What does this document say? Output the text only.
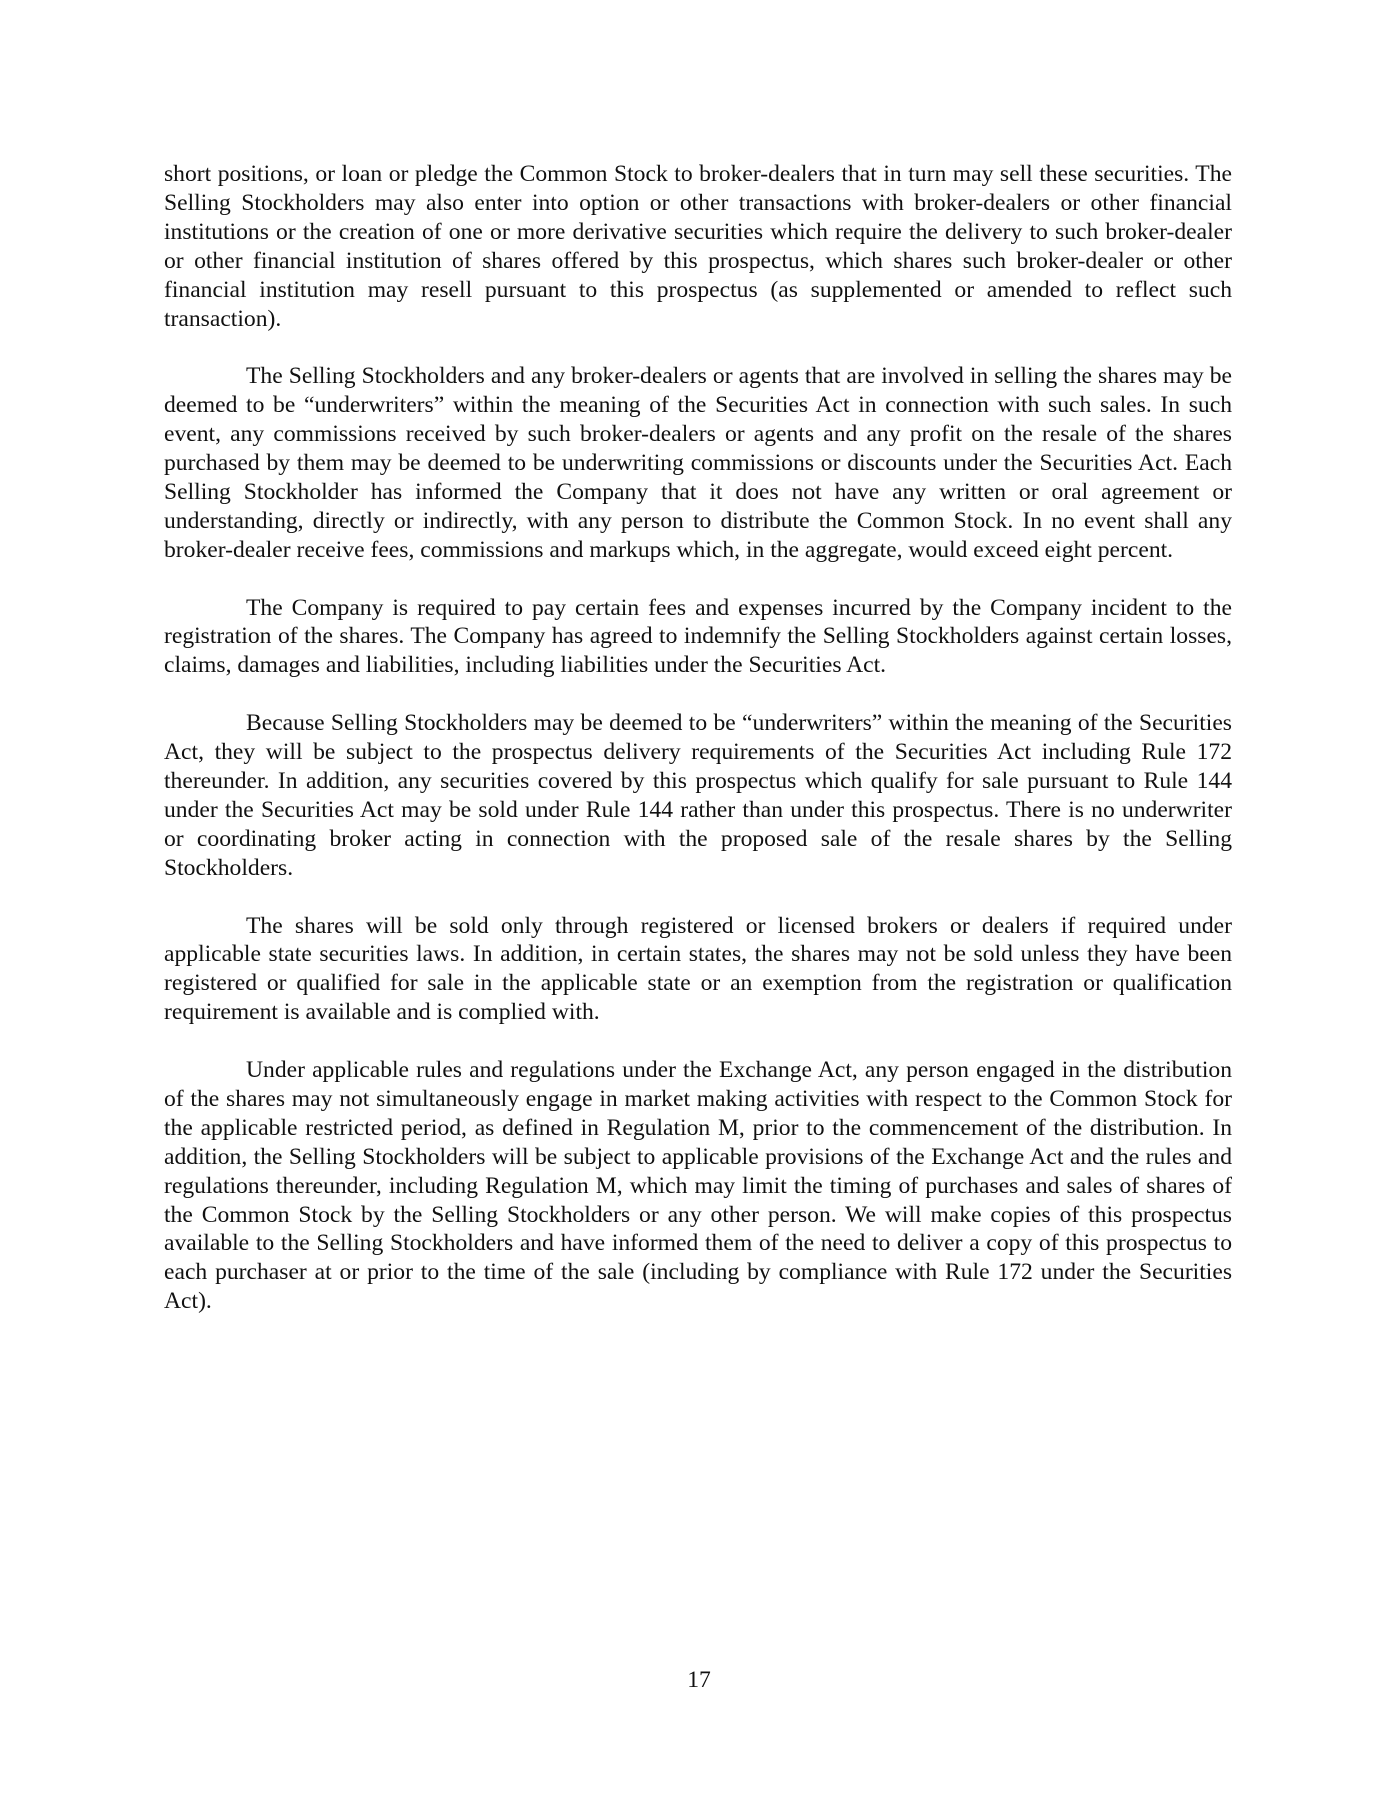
short positions, or loan or pledge the Common Stock to broker-dealers that in turn may sell these securities. The Selling Stockholders may also enter into option or other transactions with broker-dealers or other financial institutions or the creation of one or more derivative securities which require the delivery to such broker-dealer or other financial institution of shares offered by this prospectus, which shares such broker-dealer or other financial institution may resell pursuant to this prospectus (as supplemented or amended to reflect such transaction).

The Selling Stockholders and any broker-dealers or agents that are involved in selling the shares may be deemed to be “underwriters” within the meaning of the Securities Act in connection with such sales. In such event, any commissions received by such broker-dealers or agents and any profit on the resale of the shares purchased by them may be deemed to be underwriting commissions or discounts under the Securities Act. Each Selling Stockholder has informed the Company that it does not have any written or oral agreement or understanding, directly or indirectly, with any person to distribute the Common Stock. In no event shall any broker-dealer receive fees, commissions and markups which, in the aggregate, would exceed eight percent.

The Company is required to pay certain fees and expenses incurred by the Company incident to the registration of the shares. The Company has agreed to indemnify the Selling Stockholders against certain losses, claims, damages and liabilities, including liabilities under the Securities Act.

Because Selling Stockholders may be deemed to be “underwriters” within the meaning of the Securities Act, they will be subject to the prospectus delivery requirements of the Securities Act including Rule 172 thereunder. In addition, any securities covered by this prospectus which qualify for sale pursuant to Rule 144 under the Securities Act may be sold under Rule 144 rather than under this prospectus. There is no underwriter or coordinating broker acting in connection with the proposed sale of the resale shares by the Selling Stockholders.

The shares will be sold only through registered or licensed brokers or dealers if required under applicable state securities laws. In addition, in certain states, the shares may not be sold unless they have been registered or qualified for sale in the applicable state or an exemption from the registration or qualification requirement is available and is complied with.

Under applicable rules and regulations under the Exchange Act, any person engaged in the distribution of the shares may not simultaneously engage in market making activities with respect to the Common Stock for the applicable restricted period, as defined in Regulation M, prior to the commencement of the distribution. In addition, the Selling Stockholders will be subject to applicable provisions of the Exchange Act and the rules and regulations thereunder, including Regulation M, which may limit the timing of purchases and sales of shares of the Common Stock by the Selling Stockholders or any other person. We will make copies of this prospectus available to the Selling Stockholders and have informed them of the need to deliver a copy of this prospectus to each purchaser at or prior to the time of the sale (including by compliance with Rule 172 under the Securities Act).

17
